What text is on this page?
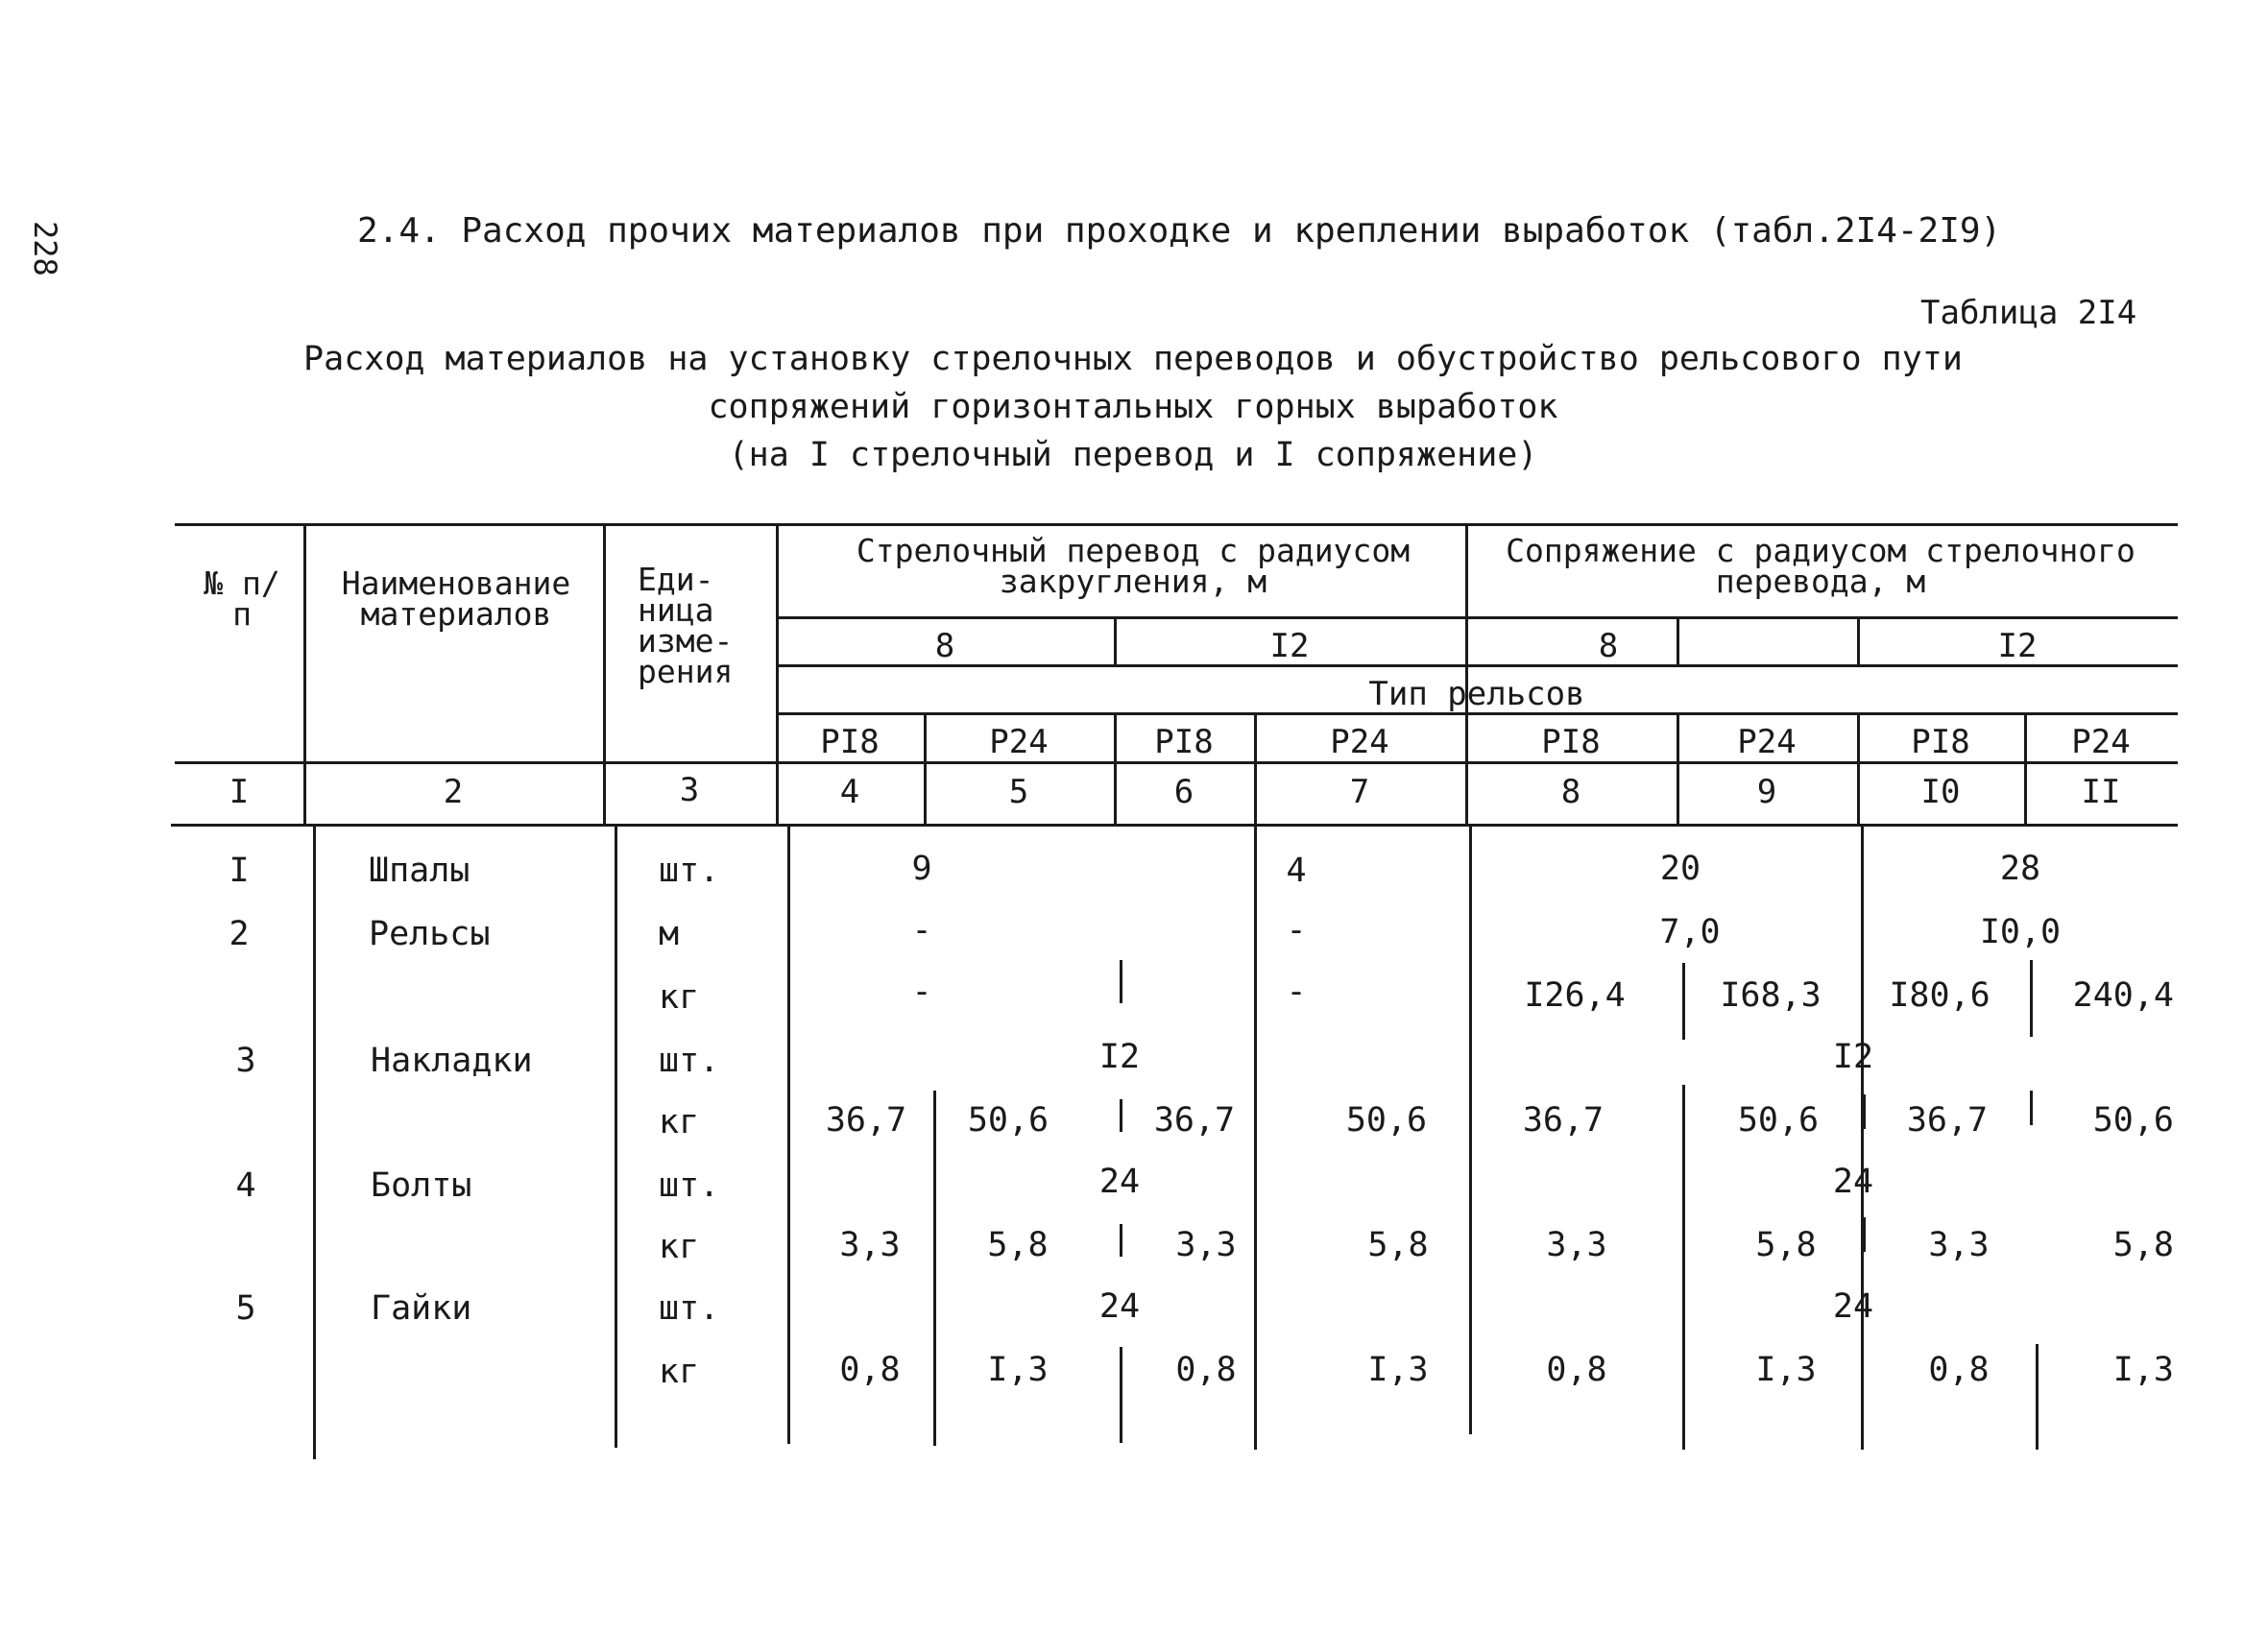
228	2.4. Расход прочих материалов при проходке и креплении выработок (табл.2I4-2I9)
Таблица 2I4
Расход материалов на установку стрелочных переводов и обустройство рельсового пути
сопряжений горизонтальных горных выработок
(на I стрелочный перевод и I сопряжение)
№ п/п
Наименование материалов
Еди- ница изме- рения
Стрелочный перевод с радиусом закругления, м
Сопряжение с радиусом стрелочного перевода, м
8	I2	8	I2
Тип рельсов
PI8	P24	PI8	P24	PI8	P24	PI8	P24
I	2	3	4	5	6	7	8	9	I0	II
I	Шпалы	шт.	9	4	20	28
2	Рельсы	м	-	-	7,0	I0,0
кг	-	-	I26,4	I68,3	I80,6	240,4
3	Накладки	шт.	I2	I2
кг	36,7	50,6	36,7	50,6	36,7	50,6	36,7	50,6
4	Болты	шт.	24	24
кг	3,3	5,8	3,3	5,8	3,3	5,8	3,3	5,8
5	Гайки	шт.	24	24
кг	0,8	I,3	0,8	I,3	0,8	I,3	0,8	I,3
